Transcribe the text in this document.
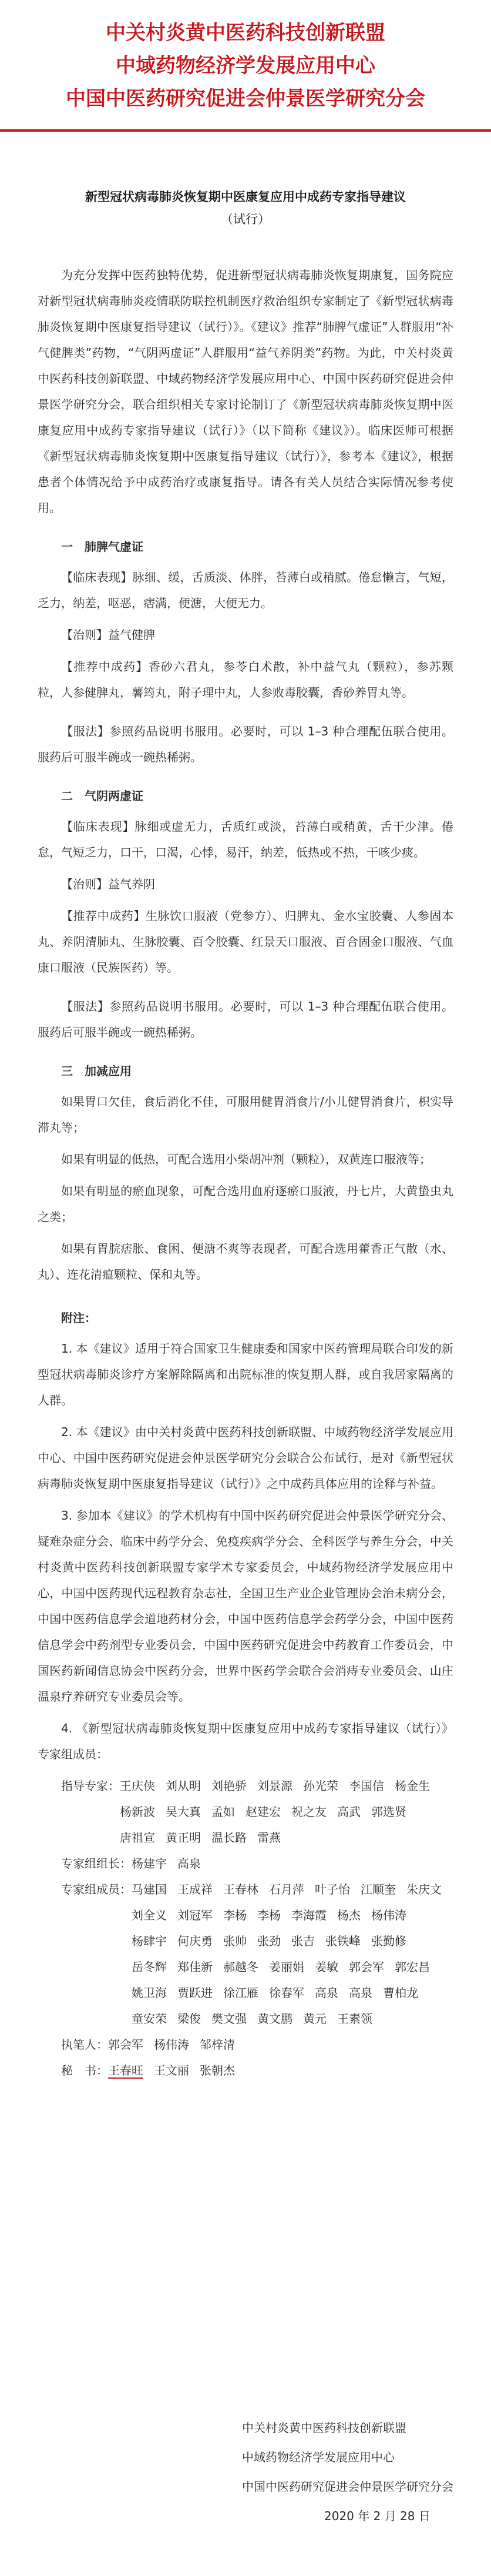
中关村炎黄中医药科技创新联盟

中域药物经济学发展应用中心

中国中医药研究促进会仲景医学研究分会

新型冠状病毒肺炎恢复期中医康复应用中成药专家指导建议
（试行）

为充分发挥中医药独特优势，促进新型冠状病毒肺炎恢复期康复，国务院应对新型冠状病毒肺炎疫情联防联控机制医疗救治组织专家制定了《新型冠状病毒肺炎恢复期中医康复指导建议（试行）》。《建议》推荐“肺脾气虚证”人群服用“补气健脾类”药物，“气阴两虚证”人群服用“益气养阴类”药物。为此，中关村炎黄中医药科技创新联盟、中域药物经济学发展应用中心、中国中医药研究促进会仲景医学研究分会，联合组织相关专家讨论制订了《新型冠状病毒肺炎恢复期中医康复应用中成药专家指导建议（试行）》（以下简称《建议》）。临床医师可根据《新型冠状病毒肺炎恢复期中医康复指导建议（试行）》，参考本《建议》，根据患者个体情况给予中成药治疗或康复指导。请各有关人员结合实际情况参考使用。

一　肺脾气虚证

【临床表现】脉细、缓，舌质淡、体胖，苔薄白或稍腻。倦怠懒言，气短，乏力，纳差，呕恶，痞满，便溏，大便无力。

【治则】益气健脾

【推荐中成药】香砂六君丸，参苓白术散，补中益气丸（颗粒），参苏颗粒，人参健脾丸，薯筠丸，附子理中丸，人参败毒胶囊，香砂养胃丸等。

【服法】参照药品说明书服用。必要时，可以 1–3 种合理配伍联合使用。服药后可服半碗或一碗热稀粥。

二　气阴两虚证

【临床表现】脉细或虚无力，舌质红或淡，苔薄白或稍黄，舌干少津。倦怠，气短乏力，口干，口渴，心悸，易汗，纳差，低热或不热，干咳少痰。

【治则】益气养阴

【推荐中成药】生脉饮口服液（党参方）、归脾丸、金水宝胶囊、人参固本丸、养阴清肺丸、生脉胶囊、百令胶囊、红景天口服液、百合固金口服液、气血康口服液（民族医药）等。

【服法】参照药品说明书服用。必要时，可以 1–3 种合理配伍联合使用。服药后可服半碗或一碗热稀粥。

三　加减应用

如果胃口欠佳，食后消化不佳，可服用健胃消食片/小儿健胃消食片，枳实导滞丸等；

如果有明显的低热，可配合选用小柴胡冲剂（颗粒），双黄连口服液等；

如果有明显的瘀血现象，可配合选用血府逐瘀口服液，丹七片，大黄蛰虫丸之类；

如果有胃脘痞胀、食困、便溏不爽等表现者，可配合选用藿香正气散（水、丸）、连花清瘟颗粒、保和丸等。

附注：

1. 本《建议》适用于符合国家卫生健康委和国家中医药管理局联合印发的新型冠状病毒肺炎诊疗方案解除隔离和出院标准的恢复期人群，或自我居家隔离的人群。

2. 本《建议》由中关村炎黄中医药科技创新联盟、中域药物经济学发展应用中心、中国中医药研究促进会仲景医学研究分会联合公布试行，是对《新型冠状病毒肺炎恢复期中医康复指导建议（试行）》之中成药具体应用的诠释与补益。

3. 参加本《建议》的学术机构有中国中医药研究促进会仲景医学研究分会、疑难杂症分会、临床中药学分会、免疫疾病学分会、全科医学与养生分会，中关村炎黄中医药科技创新联盟专家学术专家委员会，中域药物经济学发展应用中心，中国中医药现代远程教育杂志社，全国卫生产业企业管理协会治未病分会，中国中医药信息学会道地药材分会，中国中医药信息学会药学分会，中国中医药信息学会中药剂型专业委员会，中国中医药研究促进会中药教育工作委员会，中国医药新闻信息协会中医药分会，世界中医药学会联合会消痔专业委员会、山庄温泉疗养研究专业委员会等。

4. 《新型冠状病毒肺炎恢复期中医康复应用中成药专家指导建议（试行）》专家组成员：

指导专家： 王庆侠 刘从明 刘艳骄 刘景源 孙光荣 李国信 杨金生
杨新波 吴大真 孟如 赵建宏 祝之友 高武 郭选贤
唐祖宣 黄正明 温长路 雷燕
专家组组长： 杨建宇 高泉
专家组成员： 马建国 王成祥 王春林 石月萍 叶子怡 江顺奎 朱庆文
刘全义 刘冠军 李杨 李杨 李海霞 杨杰 杨伟涛
杨肆宇 何庆勇 张帅 张劲 张吉 张铁峰 张勤修
岳冬辉 郑佳新 郝越冬 姜丽娟 姜敏 郭会军 郭宏昌
姚卫海 贾跃进 徐江雁 徐春军 高泉 高泉 曹柏龙
童安荣 梁俊 樊文强 黄文鹏 黄元 王素领
执笔人： 郭会军 杨伟涛 邹梓清
秘　书： 王春旺 王文丽 张朝杰
中关村炎黄中医药科技创新联盟
中域药物经济学发展应用中心
中国中医药研究促进会仲景医学研究分会
2020 年 2 月 28 日
